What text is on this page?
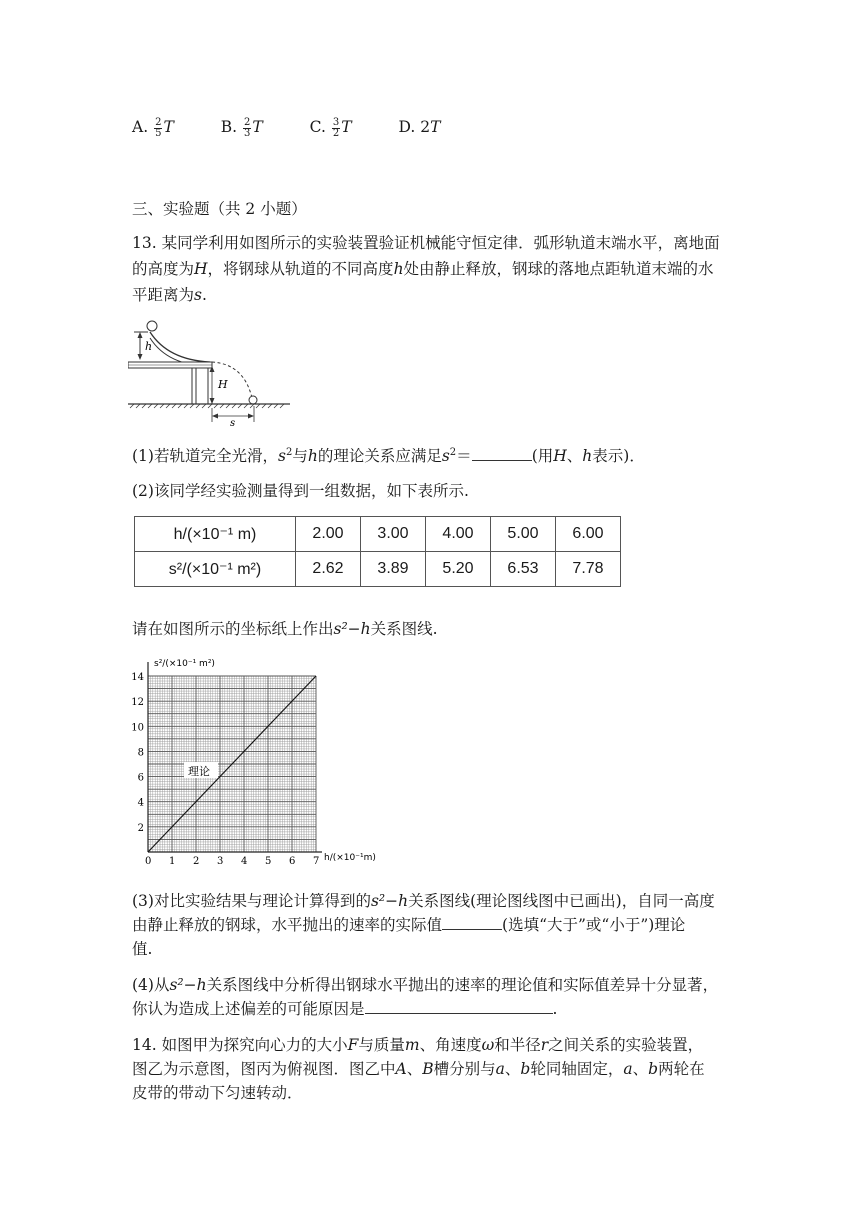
A. $\frac{2}{5}$ T	B. $\frac{2}{3}$ T	C. $\frac{3}{2}$ T	D. 2T
三、实验题（共 2 小题）
13. 某同学利用如图所示的实验装置验证机械能守恒定律．弧形轨道末端水平，离地面
的高度为H，将钢球从轨道的不同高度h处由静止释放，钢球的落地点距轨道末端的水
平距离为s.
h
H
s
(1)若轨道完全光滑，$s^2$与h的理论关系应满足$s^2=$	(用H、h表示)．
(2)该同学经实验测量得到一组数据，如下表所示.
h/(×10⁻¹ m)	2.00	3.00	4.00	5.00	6.00
s²/(×10⁻¹ m²)	2.62	3.89	5.20	6.53	7.78
请在如图所示的坐标纸上作出s²−h关系图线.
0 1 2 3 4 5 6 7
2
4
6
8
10
12
14
理论
s²/(×10⁻¹ m²)
h/(×10⁻¹m)
(3)对比实验结果与理论计算得到的s²−h关系图线(理论图线图中已画出)，自同一高度
由静止释放的钢球，水平抛出的速率的实际值	(选填“大于”或“小于”)理论
值.
(4)从s²−h关系图线中分析得出钢球水平抛出的速率的理论值和实际值差异十分显著，
你认为造成上述偏差的可能原因是	.
14. 如图甲为探究向心力的大小F与质量m、角速度ω和半径r之间关系的实验装置，
图乙为示意图，图丙为俯视图．图乙中A、B槽分别与a、b轮同轴固定，a、b两轮在
皮带的带动下匀速转动．
